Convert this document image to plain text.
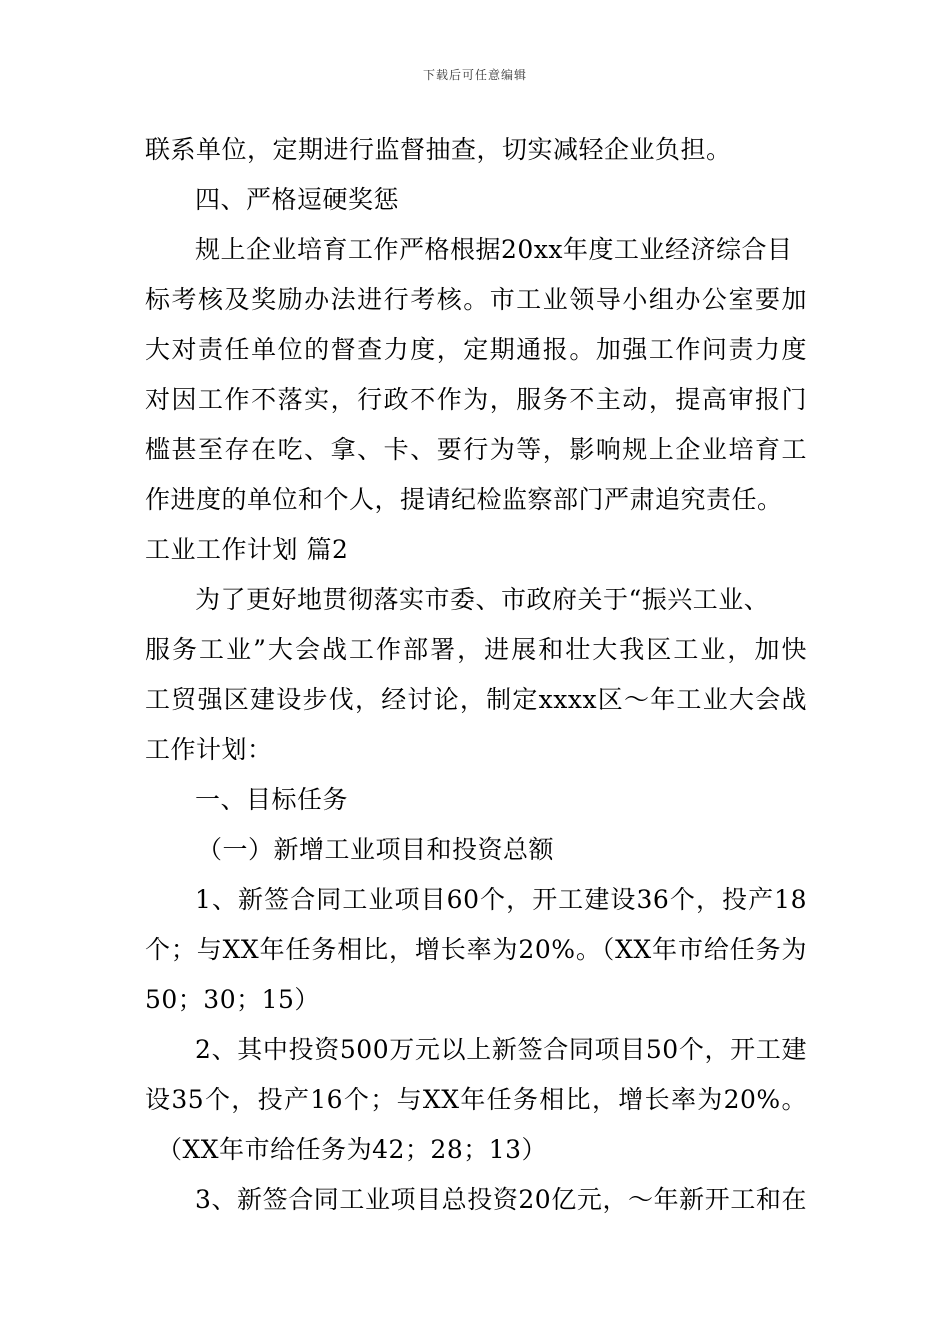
下载后可任意编辑
联系单位，定期进行监督抽查，切实减轻企业负担。
四、严格逗硬奖惩
规上企业培育工作严格根据20xx年度工业经济综合目
标考核及奖励办法进行考核。市工业领导小组办公室要加
大对责任单位的督查力度，定期通报。加强工作问责力度
对因工作不落实，行政不作为，服务不主动，提高审报门
槛甚至存在吃、拿、卡、要行为等，影响规上企业培育工
作进度的单位和个人，提请纪检监察部门严肃追究责任。
工业工作计划 篇2
为了更好地贯彻落实市委、市政府关于“振兴工业、
服务工业”大会战工作部署，进展和壮大我区工业，加快
工贸强区建设步伐，经讨论，制定xxxx区～年工业大会战
工作计划：
一、目标任务
（一）新增工业项目和投资总额
1、新签合同工业项目60个，开工建设36个，投产18
个；与XX年任务相比，增长率为20%。（XX年市给任务为
50；30；15）
2、其中投资500万元以上新签合同项目50个，开工建
设35个，投产16个；与XX年任务相比，增长率为20%。
（XX年市给任务为42；28；13）
3、新签合同工业项目总投资20亿元，～年新开工和在
